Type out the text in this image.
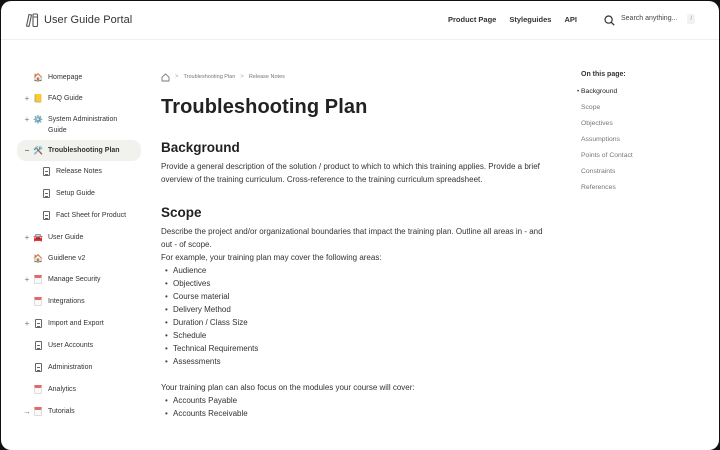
User Guide Portal	Product Page Styleguides API	Search anything...	/
🏠 Homepage
+ 📒 FAQ Guide
+ ⚙️ System Administration Guide
− 🛠️ Troubleshooting Plan
Release Notes
Setup Guide
Fact Sheet for Product
+ 🚘 User Guide
🏠 Guidlene v2
+	Manage Security
Integrations
+	Import and Export
User Accounts
Administration
Analytics
→ Tutorials
> Troubleshooting Plan > Release Notes
Troubleshooting Plan
Background

Provide a general description of the solution / product to which to which this training applies. Provide a brief overview of the training curriculum. Cross-reference to the training curriculum spreadsheet.

Scope

Describe the project and/or organizational boundaries that impact the training plan. Outline all areas in - and out - of scope.

For example, your training plan may cover the following areas:

• Audience
• Objectives
• Course material
• Delivery Method
• Duration / Class Size
• Schedule
• Technical Requirements
• Assessments

Your training plan can also focus on the modules your course will cover:

• Accounts Payable
• Accounts Receivable
On this page:
• Background
Scope
Objectives
Assumptions
Points of Contact
Constraints
References
